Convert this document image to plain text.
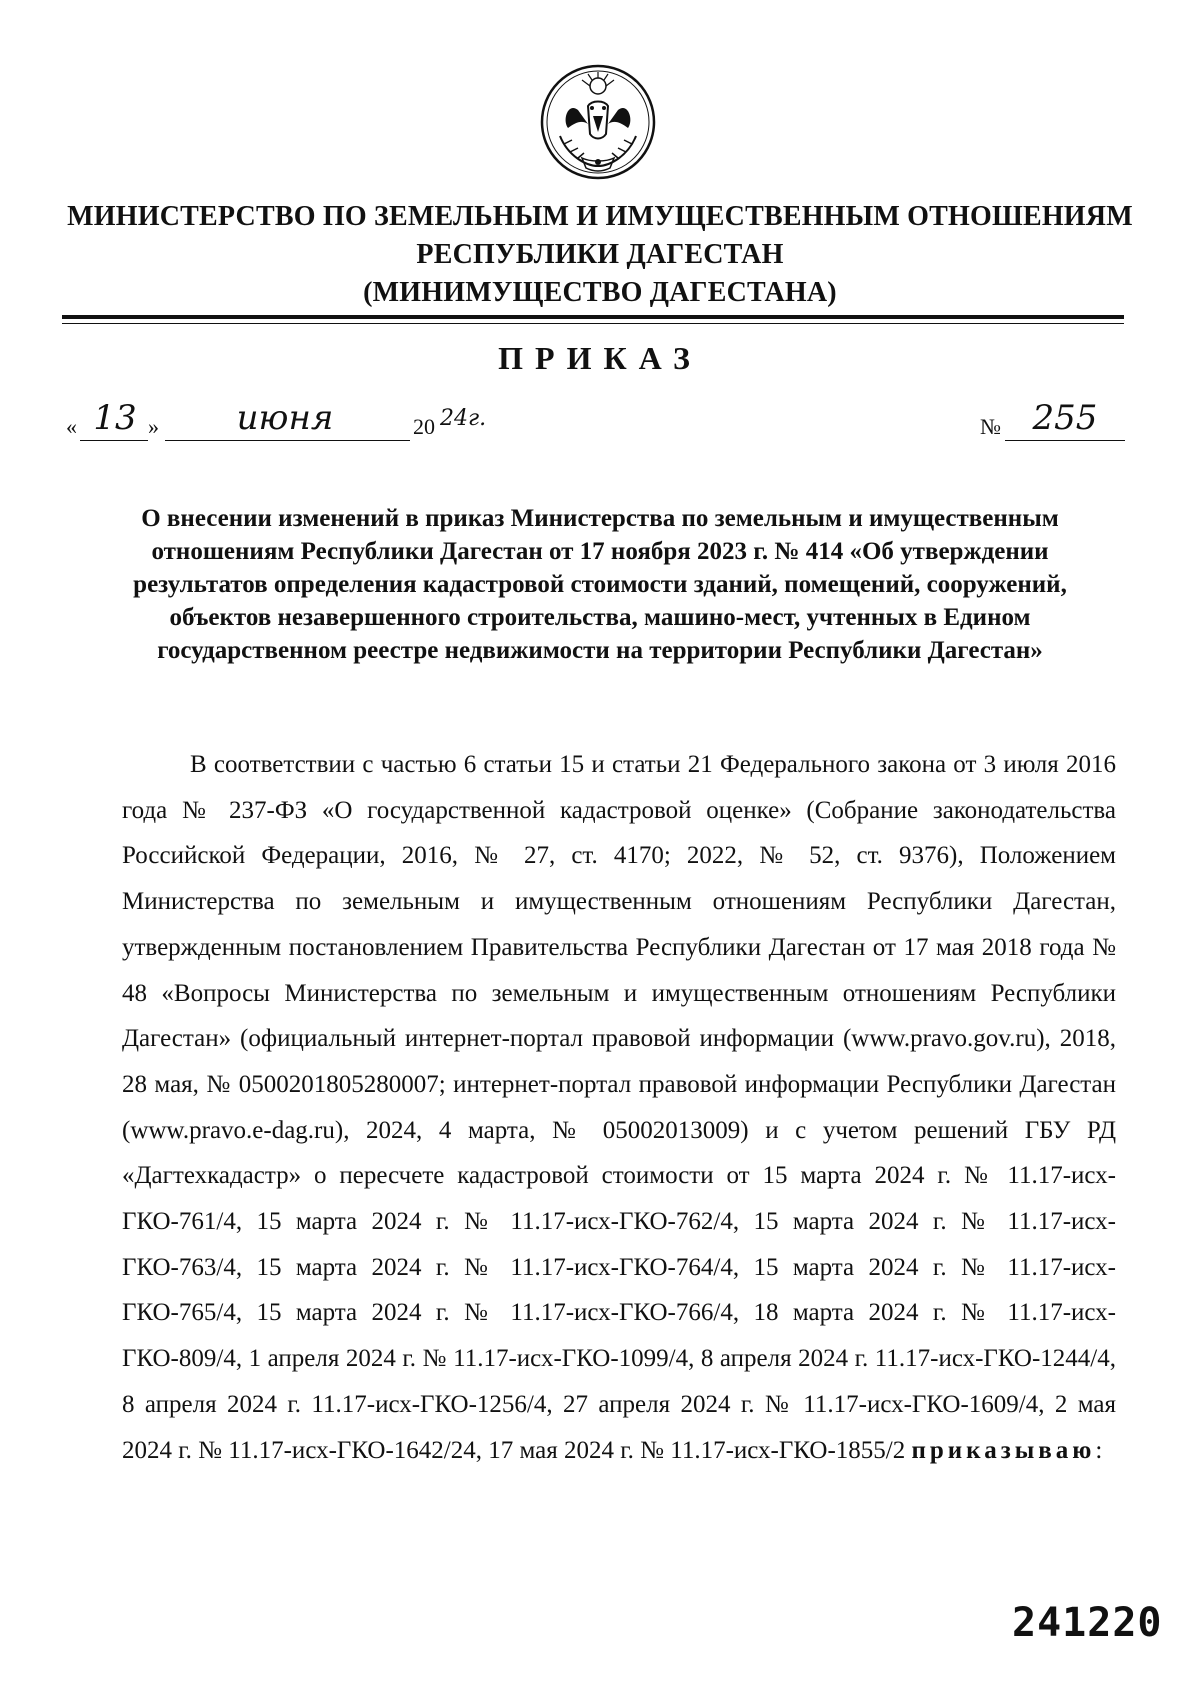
МИНИСТЕРСТВО ПО ЗЕМЕЛЬНЫМ И ИМУЩЕСТВЕННЫМ ОТНОШЕНИЯМ
РЕСПУБЛИКИ ДАГЕСТАН
(МИНИМУЩЕСТВО ДАГЕСТАНА)
ПРИКАЗ
« 13 »	июня	20 24г.	№ 255
О внесении изменений в приказ Министерства по земельным и имущественным отношениям Республики Дагестан от 17 ноября 2023 г. № 414 «Об утверждении результатов определения кадастровой стоимости зданий, помещений, сооружений, объектов незавершенного строительства, машино-мест, учтенных в Едином государственном реестре недвижимости на территории Республики Дагестан»
В соответствии с частью 6 статьи 15 и статьи 21 Федерального закона от 3 июля 2016 года № 237-ФЗ «О государственной кадастровой оценке» (Собрание законодательства Российской Федерации, 2016, № 27, ст. 4170; 2022, № 52, ст. 9376), Положением Министерства по земельным и имущественным отношениям Республики Дагестан, утвержденным постановлением Правительства Республики Дагестан от 17 мая 2018 года № 48 «Вопросы Министерства по земельным и имущественным отношениям Республики Дагестан» (официальный интернет-портал правовой информации (www.pravo.gov.ru), 2018, 28 мая, № 0500201805280007; интернет-портал правовой информации Республики Дагестан (www.pravo.e-dag.ru), 2024, 4 марта, № 05002013009) и с учетом решений ГБУ РД «Дагтехкадастр» о пересчете кадастровой стоимости от 15 марта 2024 г. № 11.17-исх-ГКО-761/4, 15 марта 2024 г. № 11.17-исх-ГКО-762/4, 15 марта 2024 г. № 11.17-исх-ГКО-763/4, 15 марта 2024 г. № 11.17-исх-ГКО-764/4, 15 марта 2024 г. № 11.17-исх-ГКО-765/4, 15 марта 2024 г. № 11.17-исх-ГКО-766/4, 18 марта 2024 г. № 11.17-исх-ГКО-809/4, 1 апреля 2024 г. № 11.17-исх-ГКО-1099/4, 8 апреля 2024 г. 11.17-исх-ГКО-1244/4, 8 апреля 2024 г. 11.17-исх-ГКО-1256/4, 27 апреля 2024 г. № 11.17-исх-ГКО-1609/4, 2 мая 2024 г. № 11.17-исх-ГКО-1642/24, 17 мая 2024 г. № 11.17-исх-ГКО-1855/2 приказываю:
241220
